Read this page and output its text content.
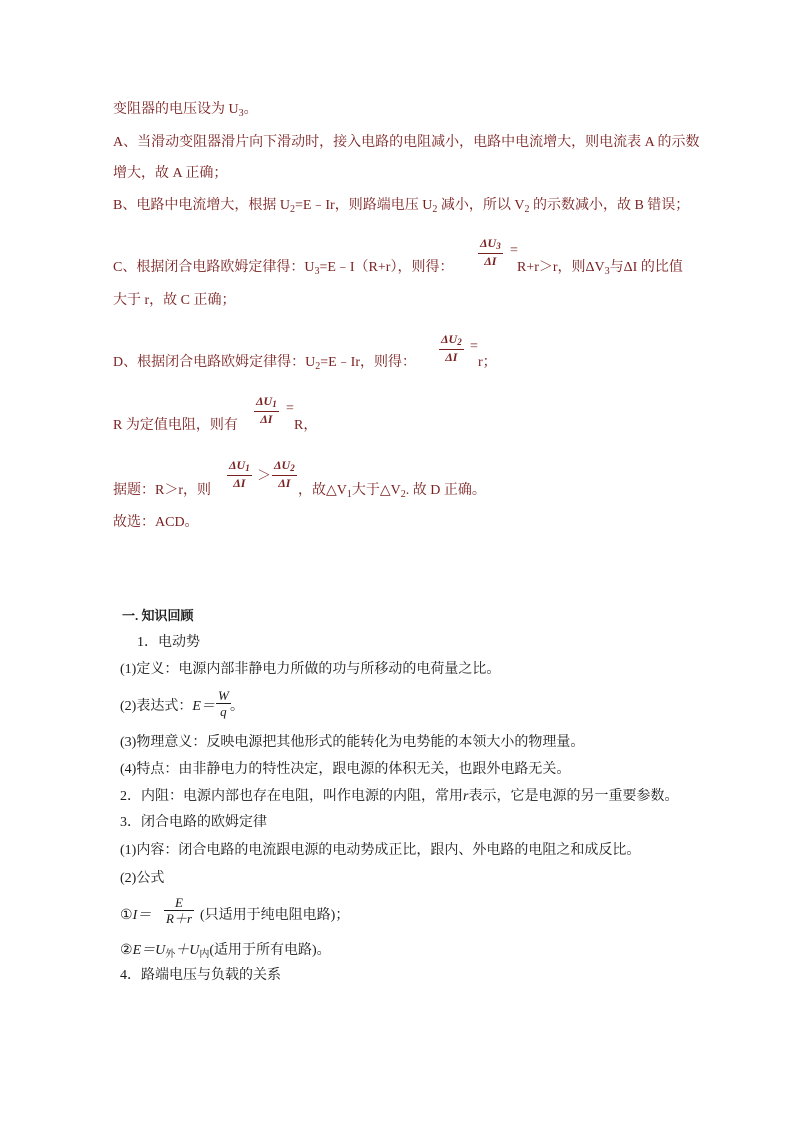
变阻器的电压设为 $U_3$。
A、当滑动变阻器滑片向下滑动时，接入电路的电阻减小，电路中电流增大，则电流表 A 的示数
增大，故 A 正确；
B、电路中电流增大，根据 $U_2=E﹣Ir$，则路端电压 $U_2$ 减小，所以 $V_2$ 的示数减小，故 B 错误；
C、根据闭合电路欧姆定律得：$U_3=E﹣I(R+r)$，则得： $\frac{\Delta U_3}{\Delta I}$ =
R+r＞r，则$\Delta V_3$与ΔI 的比值
大于 r，故 C 正确；
D、根据闭合电路欧姆定律得：$U_2=E﹣Ir$，则得： $\frac{\Delta U_2}{\Delta I}$ =
r；
R 为定值电阻，则有 $\frac{\Delta U_1}{\Delta I}$ =
R，
据题：R＞r，则
$\frac{\Delta U_1}{\Delta I} > \frac{\Delta U_2}{\Delta I}$
，故$\triangle V_1$大于$\triangle V_2$. 故 D 正确。
故选：ACD。
一. 知识回顾
1．电动势
(1)定义：电源内部非静电力所做的功与所移动的电荷量之比。
(2)表达式：$E= \frac{W}{q}$ 。
(3)物理意义：反映电源把其他形式的能转化为电势能的本领大小的物理量。
(4)特点：由非静电力的特性决定，跟电源的体积无关，也跟外电路无关。
2．内阻：电源内部也存在电阻，叫作电源的内阻，常用r表示，它是电源的另一重要参数。
3．闭合电路的欧姆定律
(1)内容：闭合电路的电流跟电源的电动势成正比，跟内、外电路的电阻之和成反比。
(2)公式
①I＝ $\frac{E}{R+r}$ (只适用于纯电阻电路)；
$②E=U_外+U_内$(适用于所有电路)。
4．路端电压与负载的关系
